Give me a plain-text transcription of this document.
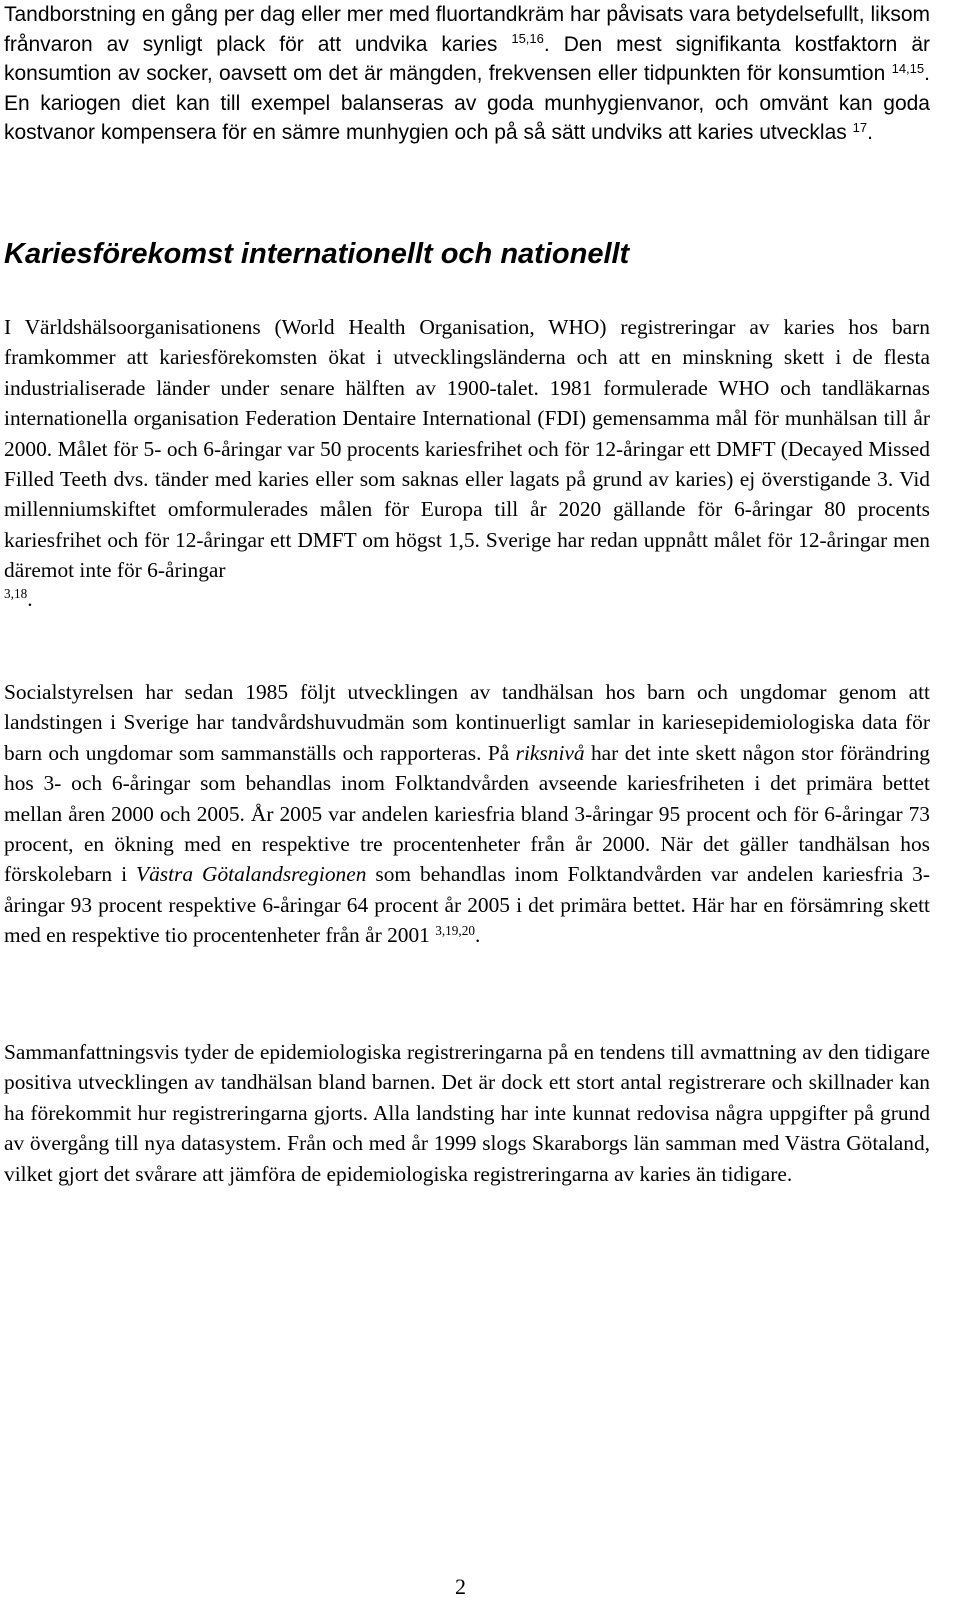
Tandborstning en gång per dag eller mer med fluortandkräm har påvisats vara betydelsefullt, liksom frånvaron av synligt plack för att undvika karies $^{15,16}$. Den mest signifikanta kostfaktorn är konsumtion av socker, oavsett om det är mängden, frekvensen eller tidpunkten för konsumtion $^{14,15}$. En kariogen diet kan till exempel balanseras av goda munhygienvanor, och omvänt kan goda kostvanor kompensera för en sämre munhygien och på så sätt undviks att karies utvecklas $^{17}$.

Kariesförekomst internationellt och nationellt

I Världshälsoorganisationens (World Health Organisation, WHO) registreringar av karies hos barn framkommer att kariesförekomsten ökat i utvecklingsländerna och att en minskning skett i de flesta industrialiserade länder under senare hälften av 1900-talet. 1981 formulerade WHO och tandläkarnas internationella organisation Federation Dentaire International (FDI) gemensamma mål för munhälsan till år 2000. Målet för 5- och 6-åringar var 50 procents kariesfrihet och för 12-åringar ett DMFT (Decayed Missed Filled Teeth dvs. tänder med karies eller som saknas eller lagats på grund av karies) ej överstigande 3. Vid millenniumskiftet omformulerades målen för Europa till år 2020 gällande för 6-åringar 80 procents kariesfrihet och för 12-åringar ett DMFT om högst 1,5. Sverige har redan uppnått målet för 12-åringar men däremot inte för 6-åringar
$^{3,18}$.

Socialstyrelsen har sedan 1985 följt utvecklingen av tandhälsan hos barn och ungdomar genom att landstingen i Sverige har tandvårdshuvudmän som kontinuerligt samlar in kariesepidemiologiska data för barn och ungdomar som sammanställs och rapporteras. På riksnivå har det inte skett någon stor förändring hos 3- och 6-åringar som behandlas inom Folktandvården avseende kariesfriheten i det primära bettet mellan åren 2000 och 2005. År 2005 var andelen kariesfria bland 3-åringar 95 procent och för 6-åringar 73 procent, en ökning med en respektive tre procentenheter från år 2000. När det gäller tandhälsan hos förskolebarn i Västra Götalandsregionen som behandlas inom Folktandvården var andelen kariesfria 3-åringar 93 procent respektive 6-åringar 64 procent år 2005 i det primära bettet. Här har en försämring skett med en respektive tio procentenheter från år 2001 $^{3,19,20}$.

Sammanfattningsvis tyder de epidemiologiska registreringarna på en tendens till avmattning av den tidigare positiva utvecklingen av tandhälsan bland barnen. Det är dock ett stort antal registrerare och skillnader kan ha förekommit hur registreringarna gjorts. Alla landsting har inte kunnat redovisa några uppgifter på grund av övergång till nya datasystem. Från och med år 1999 slogs Skaraborgs län samman med Västra Götaland, vilket gjort det svårare att jämföra de epidemiologiska registreringarna av karies än tidigare.

2
